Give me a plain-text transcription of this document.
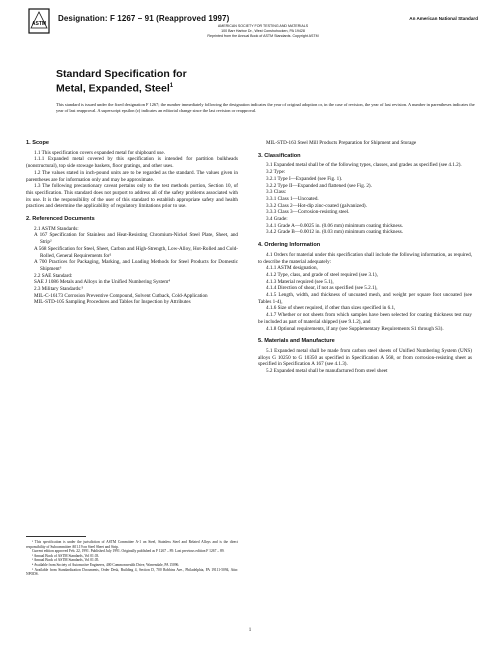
ASTM
Designation: F 1267 – 91 (Reapproved 1997)	An American National Standard
AMERICAN SOCIETY FOR TESTING AND MATERIALS
100 Barr Harbor Dr., West Conshohocken, PA 19428
Reprinted from the Annual Book of ASTM Standards. Copyright ASTM
Standard Specification for
Metal, Expanded, Steel$^1$
This standard is issued under the fixed designation F 1267; the number immediately following the designation indicates the year of original adoption or, in the case of revision, the year of last revision. A number in parentheses indicates the year of last reapproval. A superscript epsilon (ε) indicates an editorial change since the last revision or reapproval.
1. Scope

1.1 This specification covers expanded metal for shipboard use.

1.1.1 Expanded metal covered by this specification is intended for partition bulkheads (nonstructural), top side stowage baskets, floor gratings, and other uses.

1.2 The values stated in inch-pound units are to be regarded as the standard. The values given in parentheses are for information only and may be approximate.

1.3 The following precautionary caveat pertains only to the test methods portion, Section 10, of this specification. This standard does not purport to address all of the safety problems associated with its use. It is the responsibility of the user of this standard to establish appropriate safety and health practices and determine the applicability of regulatory limitations prior to use.

2. Referenced Documents

2.1 ASTM Standards:

A 167 Specification for Stainless and Heat-Resisting Chromium-Nickel Steel Plate, Sheet, and Strip²
A 568 Specification for Steel, Sheet, Carbon and High-Strength, Low-Alloy, Hot-Rolled and Cold-Rolled, General Requirements for²
A 700 Practices for Packaging, Marking, and Loading Methods for Steel Products for Domestic Shipment³

2.2 SAE Standard:

SAE J 1086 Metals and Alloys in the Unified Numbering System⁴

2.3 Military Standards:⁵

MIL-C-16173 Corrosion Preventive Compound, Solvent Cutback, Cold-Application
MIL-STD-105 Sampling Procedures and Tables for Inspection by Attributes
¹ This specification is under the jurisdiction of ASTM Committee A-1 on Steel, Stainless Steel and Related Alloys and is the direct responsibility of Subcommittee A01.19 on Steel Sheet and Strip.
Current edition approved Feb. 22, 1991. Published July 1991. Originally published as F 1267 – 89. Last previous edition F 1267 – 89.
² Annual Book of ASTM Standards, Vol 01.03.
³ Annual Book of ASTM Standards, Vol 01.05.
⁴ Available from Society of Automotive Engineers, 400 Commonwealth Drive, Warrendale, PA 15096.
⁵ Available from Standardization Documents, Order Desk, Building 4, Section D, 700 Robbins Ave., Philadelphia, PA 19111-5094, Attn: NPODS.
MIL-STD-163 Steel Mill Products Preparation for Shipment and Storage
3. Classification

3.1 Expanded metal shall be of the following types, classes, and grades as specified (see 4.1.2).

3.2 Type:

3.2.1 Type I—Expanded (see Fig. 1).

3.2.2 Type II—Expanded and flattened (see Fig. 2).

3.3 Class:

3.3.1 Class 1—Uncoated.

3.3.2 Class 2—Hot-dip zinc-coated (galvanized).

3.3.3 Class 3—Corrosion-resisting steel.

3.4 Grade:

3.4.1 Grade A—0.0025 in. (0.06 mm) minimum coating thickness.

3.4.2 Grade B—0.0012 in. (0.03 mm) minimum coating thickness.

4. Ordering Information

4.1 Orders for material under this specification shall include the following information, as required, to describe the material adequately:

4.1.1 ASTM designation,

4.1.2 Type, class, and grade of steel required (see 3.1),

4.1.3 Material required (see 5.1),

4.1.4 Direction of shear, if not as specified (see 5.2.1),

4.1.5 Length, width, and thickness of uncoated mesh, and weight per square foot uncoated (see Tables 1-4),

4.1.6 Size of sheet required, if other than sizes specified in 6.1,

4.1.7 Whether or not sheets from which samples have been selected for coating thickness test may be included as part of material shipped (see 9.1.2), and

4.1.8 Optional requirements, if any (see Supplementary Requirements S1 through S3).

5. Materials and Manufacture

5.1 Expanded metal shall be made from carbon steel sheets of Unified Numbering System (UNS) alloys G 10250 to G 10350 as specified in Specification A 568, or from corrosion-resisting sheet as specified in Specification A 167 (see 4.1.3).

5.2 Expanded metal shall be manufactured from steel sheet

1
